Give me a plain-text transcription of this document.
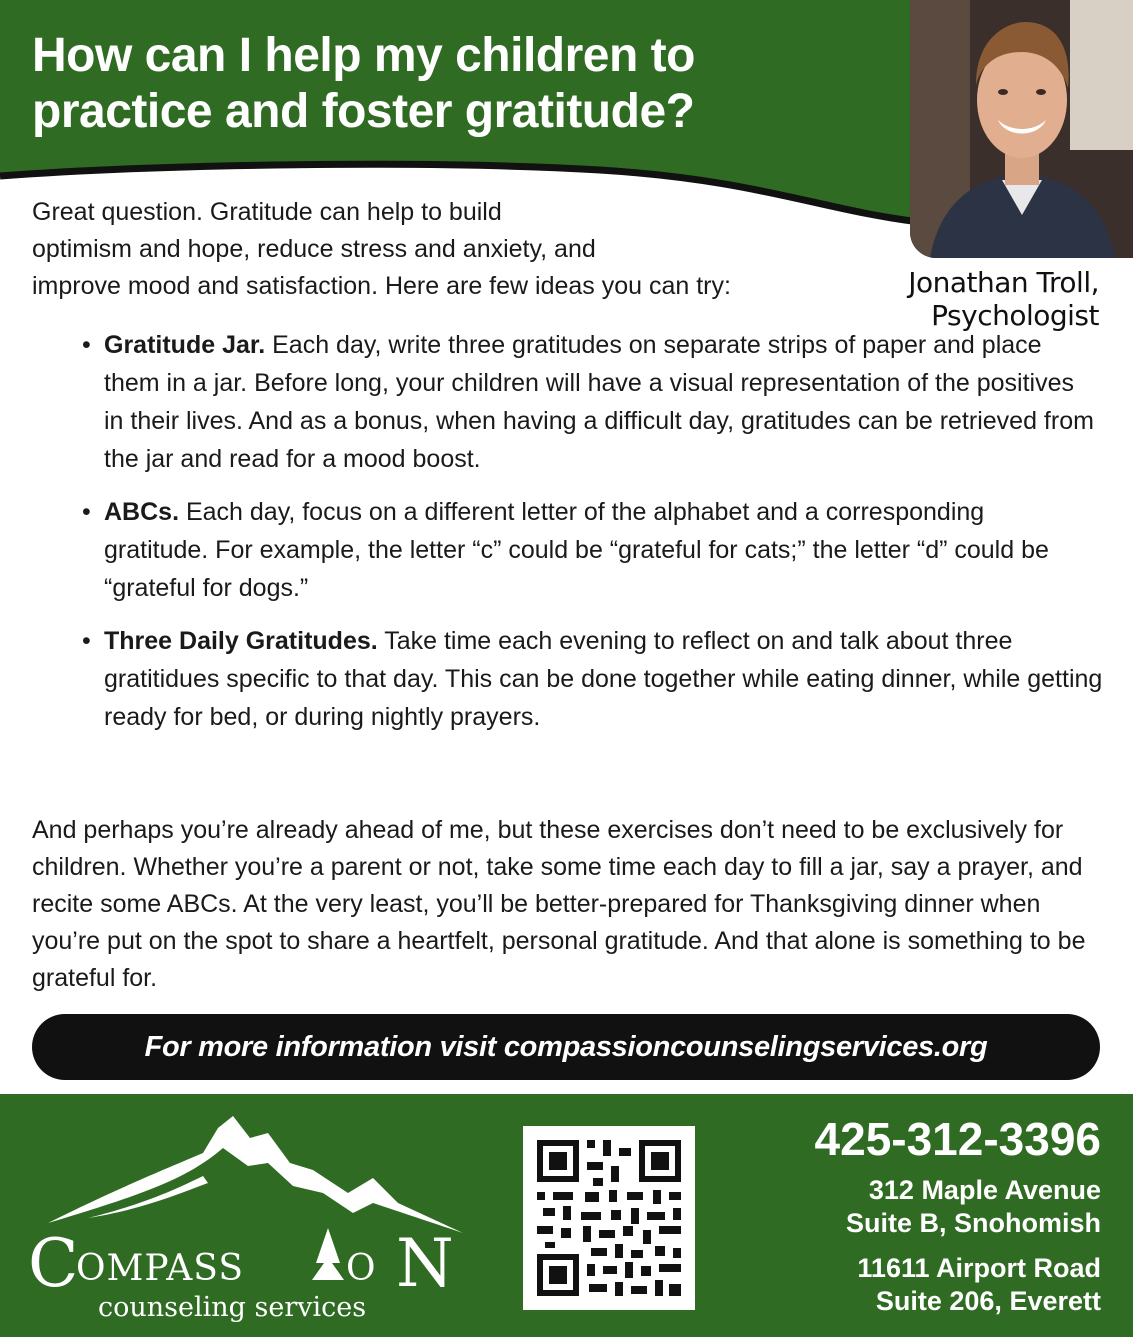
How can I help my children to
practice and foster gratitude?
Jonathan Troll,
Psychologist

Great question. Gratitude can help to build
optimism and hope, reduce stress and anxiety, and
improve mood and satisfaction. Here are few ideas you can try:

• Gratitude Jar. Each day, write three gratitudes on separate strips of paper and place them in a jar. Before long, your children will have a visual representation of the positives in their lives. And as a bonus, when having a difficult day, gratitudes can be retrieved from the jar and read for a mood boost.
• ABCs. Each day, focus on a different letter of the alphabet and a corresponding gratitude. For example, the letter “c” could be “grateful for cats;” the letter “d” could be “grateful for dogs.”
• Three Daily Gratitudes. Take time each evening to reflect on and talk about three gratitidues specific to that day. This can be done together while eating dinner, while getting ready for bed, or during nightly prayers.

And perhaps you’re already ahead of me, but these exercises don’t need to be exclusively for children. Whether you’re a parent or not, take some time each day to fill a jar, say a prayer, and recite some ABCs. At the very least, you’ll be better-prepared for Thanksgiving dinner when you’re put on the spot to share a heartfelt, personal gratitude. And that alone is something to be grateful for.

For more information visit compassioncounselingservices.org
C
OMPASS	O N
counseling services
425-312-3396
312 Maple Avenue
Suite B, Snohomish
11611 Airport Road
Suite 206, Everett
